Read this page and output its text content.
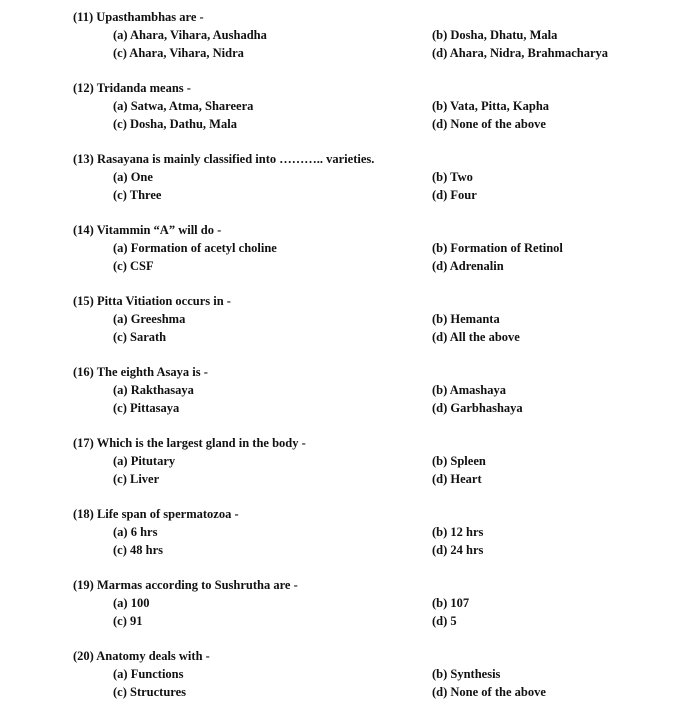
(11) Upasthambhas are -
(a) Ahara, Vihara, Aushadha	(b) Dosha, Dhatu, Mala
(c) Ahara, Vihara, Nidra	(d) Ahara, Nidra, Brahmacharya
(12) Tridanda means -
(a) Satwa, Atma, Shareera	(b) Vata, Pitta, Kapha
(c) Dosha, Dathu, Mala	(d) None of the above
(13) Rasayana is mainly classified into ……….. varieties.
(a) One	(b) Two
(c) Three	(d) Four
(14) Vitammin “A” will do -
(a) Formation of acetyl choline	(b) Formation of Retinol
(c) CSF	(d) Adrenalin
(15) Pitta Vitiation occurs in -
(a) Greeshma	(b) Hemanta
(c) Sarath	(d) All the above
(16) The eighth Asaya is -
(a) Rakthasaya	(b) Amashaya
(c) Pittasaya	(d) Garbhashaya
(17) Which is the largest gland in the body -
(a) Pitutary	(b) Spleen
(c) Liver	(d) Heart
(18) Life span of spermatozoa -
(a) 6 hrs	(b) 12 hrs
(c) 48 hrs	(d) 24 hrs
(19) Marmas according to Sushrutha are -
(a) 100	(b) 107
(c) 91	(d) 5
(20) Anatomy deals with -
(a) Functions	(b) Synthesis
(c) Structures	(d) None of the above
